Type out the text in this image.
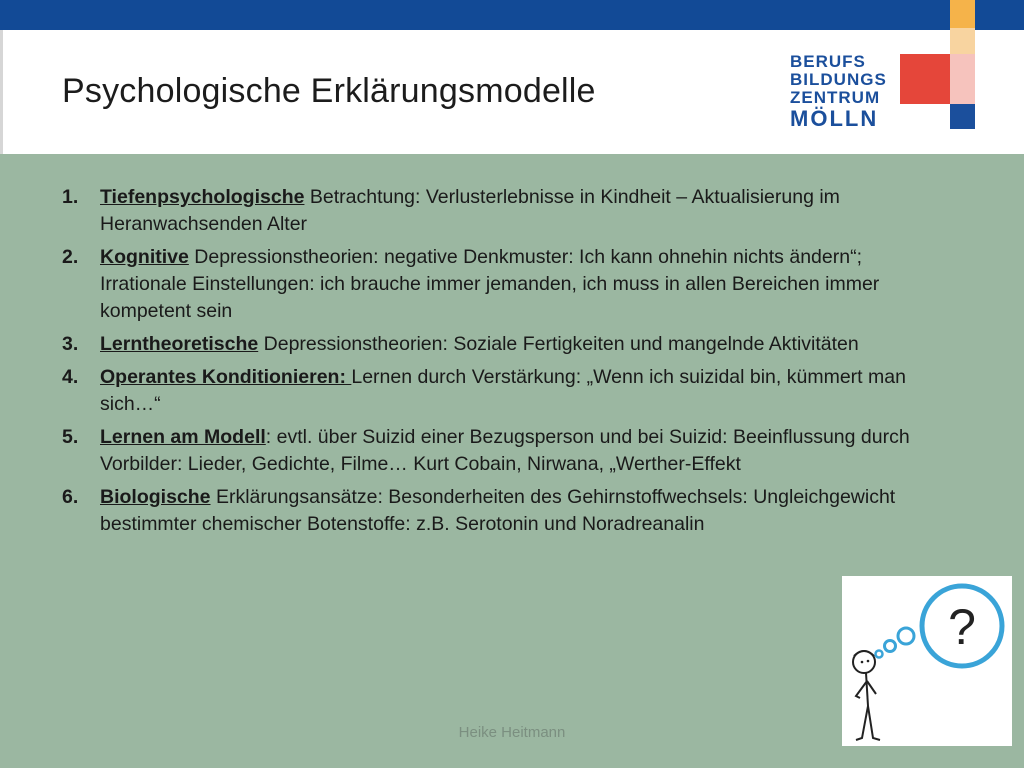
Psychologische Erklärungsmodelle
BERUFS
BILDUNGS
ZENTRUM
MÖLLN
1. Tiefenpsychologische Betrachtung: Verlusterlebnisse in Kindheit – Aktualisierung im Heranwachsenden Alter
2. Kognitive Depressionstheorien: negative Denkmuster: Ich kann ohnehin nichts ändern“; Irrationale Einstellungen: ich brauche immer jemanden, ich muss in allen Bereichen immer kompetent sein
3. Lerntheoretische Depressionstheorien: Soziale Fertigkeiten und mangelnde Aktivitäten
4. Operantes Konditionieren: Lernen durch Verstärkung: „Wenn ich suizidal bin, kümmert man sich…“
5. Lernen am Modell: evtl. über Suizid einer Bezugsperson und bei Suizid: Beeinflussung durch Vorbilder: Lieder, Gedichte, Filme… Kurt Cobain, Nirwana, „Werther-Effekt
6. Biologische Erklärungsansätze: Besonderheiten des Gehirnstoffwechsels: Ungleichgewicht bestimmter chemischer Botenstoffe: z.B. Serotonin und Noradreanalin
?
Heike Heitmann
